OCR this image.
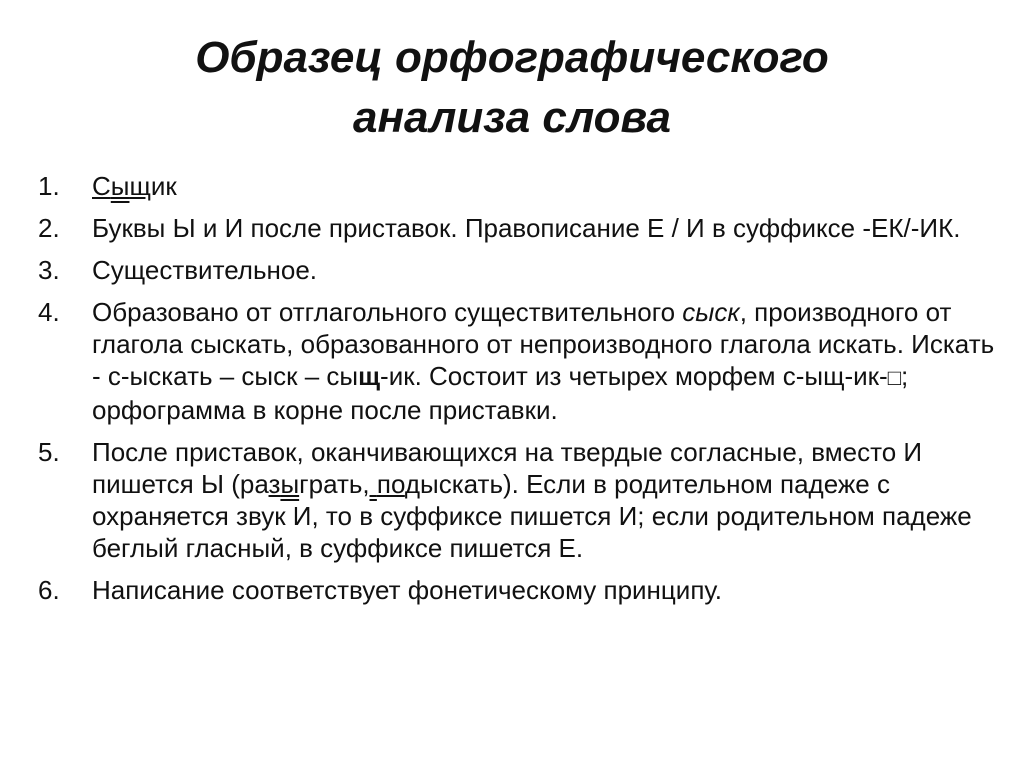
Образец орфографического
анализа слова
1. Сыщик
2. Буквы Ы и И после приставок. Правописание Е / И в суффиксе -ЕК/-ИК.
3. Существительное.
4. Образовано от отглагольного существительного сыск, производного от глагола сыскать, образованного от непроизводного глагола искать. Искать - с-ыскать – сыск – сыщ-ик. Состоит из четырех морфем с-ыщ-ик-□; орфограмма в корне после приставки.
5. После приставок, оканчивающихся на твердые согласные, вместо И пишется Ы (разыграть, подыскать). Если в родительном падеже с охраняется звук И, то в суффиксе пишется И; если родительном падеже беглый гласный, в суффиксе пишется Е.
6. Написание соответствует фонетическому принципу.
